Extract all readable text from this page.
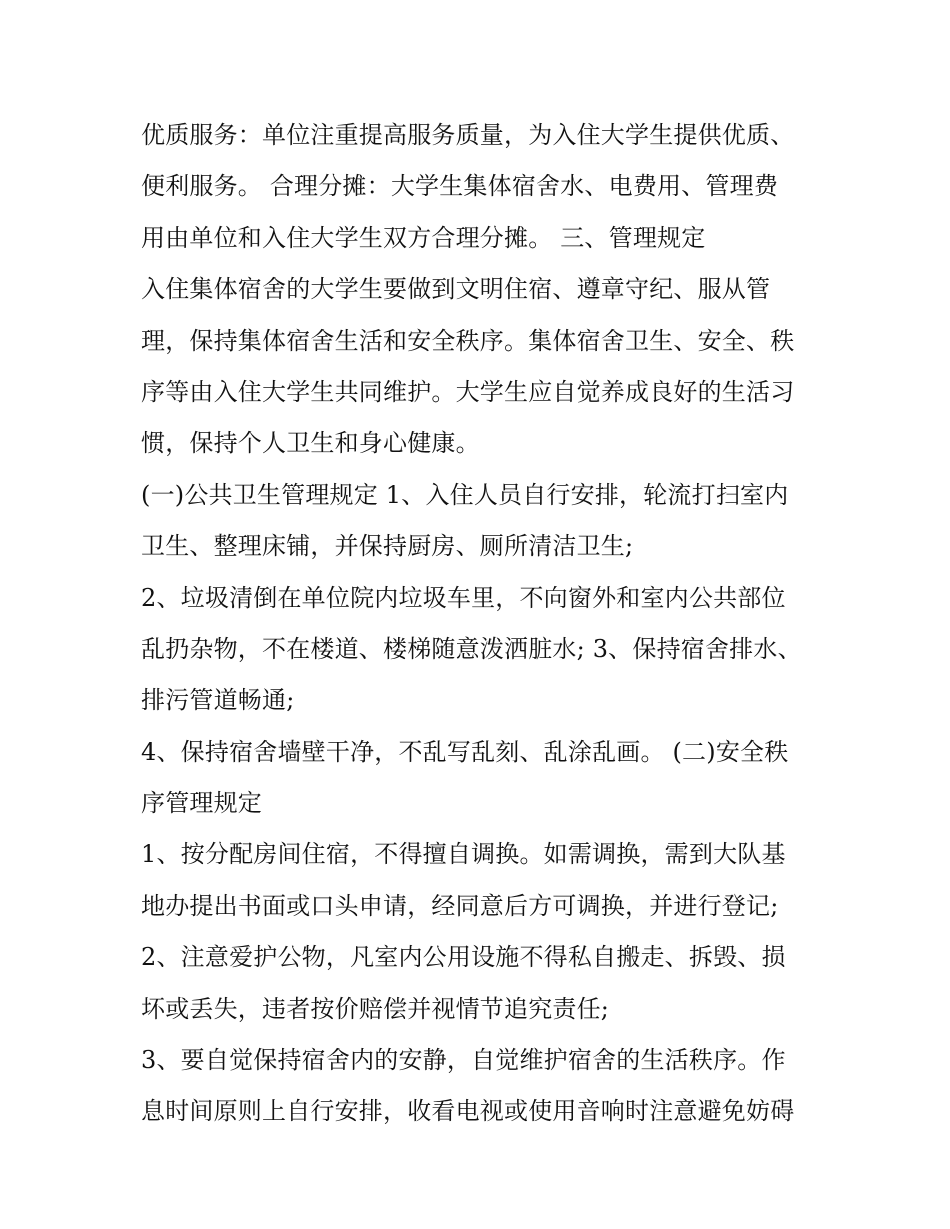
优质服务：单位注重提高服务质量，为入住大学生提供优质、
便利服务。 合理分摊：大学生集体宿舍水、电费用、管理费
用由单位和入住大学生双方合理分摊。 三、管理规定
入住集体宿舍的大学生要做到文明住宿、遵章守纪、服从管
理，保持集体宿舍生活和安全秩序。集体宿舍卫生、安全、秩
序等由入住大学生共同维护。大学生应自觉养成良好的生活习
惯，保持个人卫生和身心健康。
(一)公共卫生管理规定 1、入住人员自行安排，轮流打扫室内
卫生、整理床铺，并保持厨房、厕所清洁卫生;
2、垃圾清倒在单位院内垃圾车里，不向窗外和室内公共部位
乱扔杂物，不在楼道、楼梯随意泼洒脏水; 3、保持宿舍排水、
排污管道畅通;
4、保持宿舍墙壁干净，不乱写乱刻、乱涂乱画。 (二)安全秩
序管理规定
1、按分配房间住宿，不得擅自调换。如需调换，需到大队基
地办提出书面或口头申请，经同意后方可调换，并进行登记;
2、注意爱护公物，凡室内公用设施不得私自搬走、拆毁、损
坏或丢失，违者按价赔偿并视情节追究责任;
3、要自觉保持宿舍内的安静，自觉维护宿舍的生活秩序。作
息时间原则上自行安排，收看电视或使用音响时注意避免妨碍
